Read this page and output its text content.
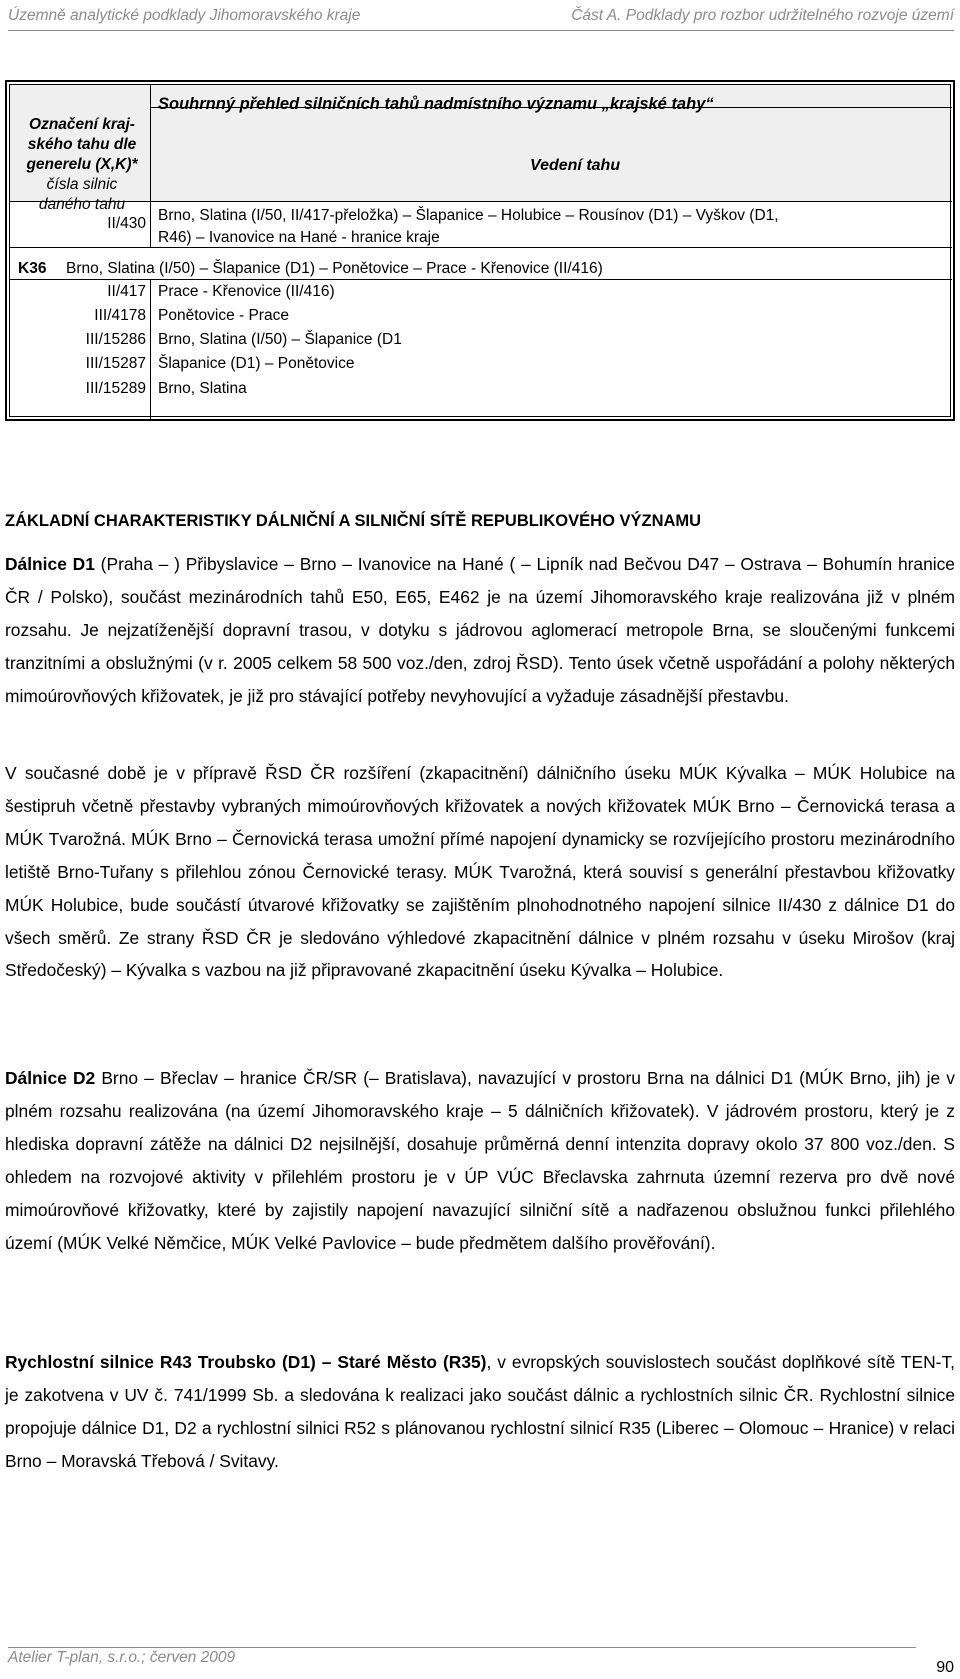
Územně analytické podklady Jihomoravského kraje	Část A. Podklady pro rozbor udržitelného rozvoje území
Souhrnný přehled silničních tahů nadmístního významu „krajské tahy“
Označení kraj-
ského tahu dle
generelu (X,K)*
čísla silnic
daného tahu
Vedení tahu
II/430 Brno, Slatina (I/50, II/417-přeložka) – Šlapanice – Holubice – Rousínov (D1) – Vyškov (D1,
R46) – Ivanovice na Hané - hranice kraje
K36 Brno, Slatina (I/50) – Šlapanice (D1) – Ponětovice – Prace - Křenovice (II/416)
II/417 Prace - Křenovice (II/416)
III/4178 Ponětovice - Prace
III/15286 Brno, Slatina (I/50) – Šlapanice (D1
III/15287 Šlapanice (D1) – Ponětovice
III/15289 Brno, Slatina
ZÁKLADNÍ CHARAKTERISTIKY DÁLNIČNÍ A SILNIČNÍ SÍTĚ REPUBLIKOVÉHO VÝZNAMU
Dálnice D1 (Praha – ) Přibyslavice – Brno – Ivanovice na Hané ( – Lipník nad Bečvou D47 – Ostrava – Bohumín hranice ČR / Polsko), součást mezinárodních tahů E50, E65, E462 je na území Jihomoravského kraje realizována již v plném rozsahu. Je nejzatíženější dopravní trasou, v dotyku s jádrovou aglomerací metropole Brna, se sloučenými funkcemi tranzitními a obslužnými (v r. 2005 celkem 58 500 voz./den, zdroj ŘSD). Tento úsek včetně uspořádání a polohy některých mimoúrovňových křižovatek, je již pro stávající potřeby nevyhovující a vyžaduje zásadnější přestavbu.
V současné době je v přípravě ŘSD ČR rozšíření (zkapacitnění) dálničního úseku MÚK Kývalka – MÚK Holubice na šestipruh včetně přestavby vybraných mimoúrovňových křižovatek a nových křižovatek MÚK Brno – Černovická terasa a MÚK Tvarožná. MÚK Brno – Černovická terasa umožní přímé napojení dynamicky se rozvíjejícího prostoru mezinárodního letiště Brno-Tuřany s přilehlou zónou Černovické terasy. MÚK Tvarožná, která souvisí s generální přestavbou křižovatky MÚK Holubice, bude součástí útvarové křižovatky se zajištěním plnohodnotného napojení silnice II/430 z dálnice D1 do všech směrů. Ze strany ŘSD ČR je sledováno výhledové zkapacitnění dálnice v plném rozsahu v úseku Mirošov (kraj Středočeský) – Kývalka s vazbou na již připravované zkapacitnění úseku Kývalka – Holubice.
Dálnice D2 Brno – Břeclav – hranice ČR/SR (– Bratislava), navazující v prostoru Brna na dálnici D1 (MÚK Brno, jih) je v plném rozsahu realizována (na území Jihomoravského kraje – 5 dálničních křižovatek). V jádrovém prostoru, který je z hlediska dopravní zátěže na dálnici D2 nejsilnější, dosahuje průměrná denní intenzita dopravy okolo 37 800 voz./den. S ohledem na rozvojové aktivity v přilehlém prostoru je v ÚP VÚC Břeclavska zahrnuta územní rezerva pro dvě nové mimoúrovňové křižovatky, které by zajistily napojení navazující silniční sítě a nadřazenou obslužnou funkci přilehlého území (MÚK Velké Němčice, MÚK Velké Pavlovice – bude předmětem dalšího prověřování).
Rychlostní silnice R43 Troubsko (D1) – Staré Město (R35), v evropských souvislostech součást doplňkové sítě TEN-T, je zakotvena v UV č. 741/1999 Sb. a sledována k realizaci jako součást dálnic a rychlostních silnic ČR. Rychlostní silnice propojuje dálnice D1, D2 a rychlostní silnici R52 s plánovanou rychlostní silnicí R35 (Liberec – Olomouc – Hranice) v relaci Brno – Moravská Třebová / Svitavy.
Atelier T-plan, s.r.o.; červen 2009
90
